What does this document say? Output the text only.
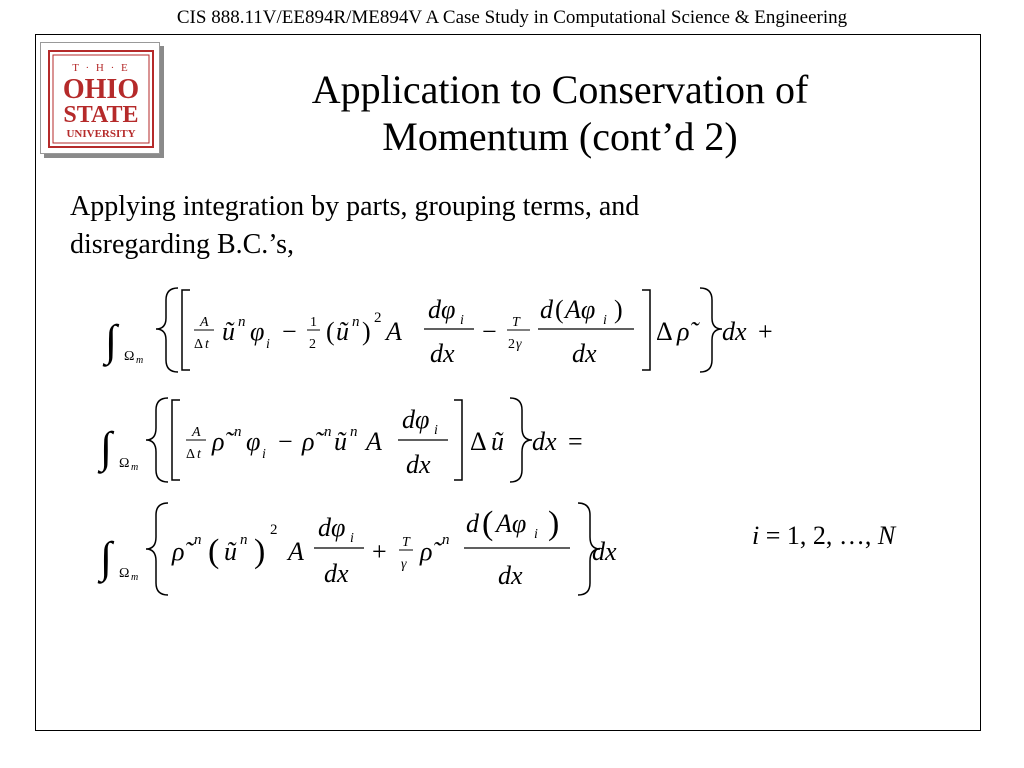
CIS 888.11V/EE894R/ME894V A Case Study in Computational Science & Engineering
T · H · E
OHIO
STATE
UNIVERSITY
Application to Conservation of
Momentum (cont’d 2)
Applying integration by parts, grouping terms, and
disregarding B.C.’s,
∫ Ω m
A
Δ t ũ n φ i − 1
2 ( ũ n ) 2 A
dφ i
dx
− T
2 γ
d ( Aφ i )
dx
Δ ρ̃	dx +
∫ Ω m
A
Δ t ρ̃ n φ i − ρ̃ n ũ n A
dφ i
dx
Δ ũ dx =
∫ Ω m
ρ̃ n ( ũ n )
2
A
dφ i
dx
+ T
γ ρ̃ n
d ( Aφ i )
dx
dx
i = 1, 2, …, N
